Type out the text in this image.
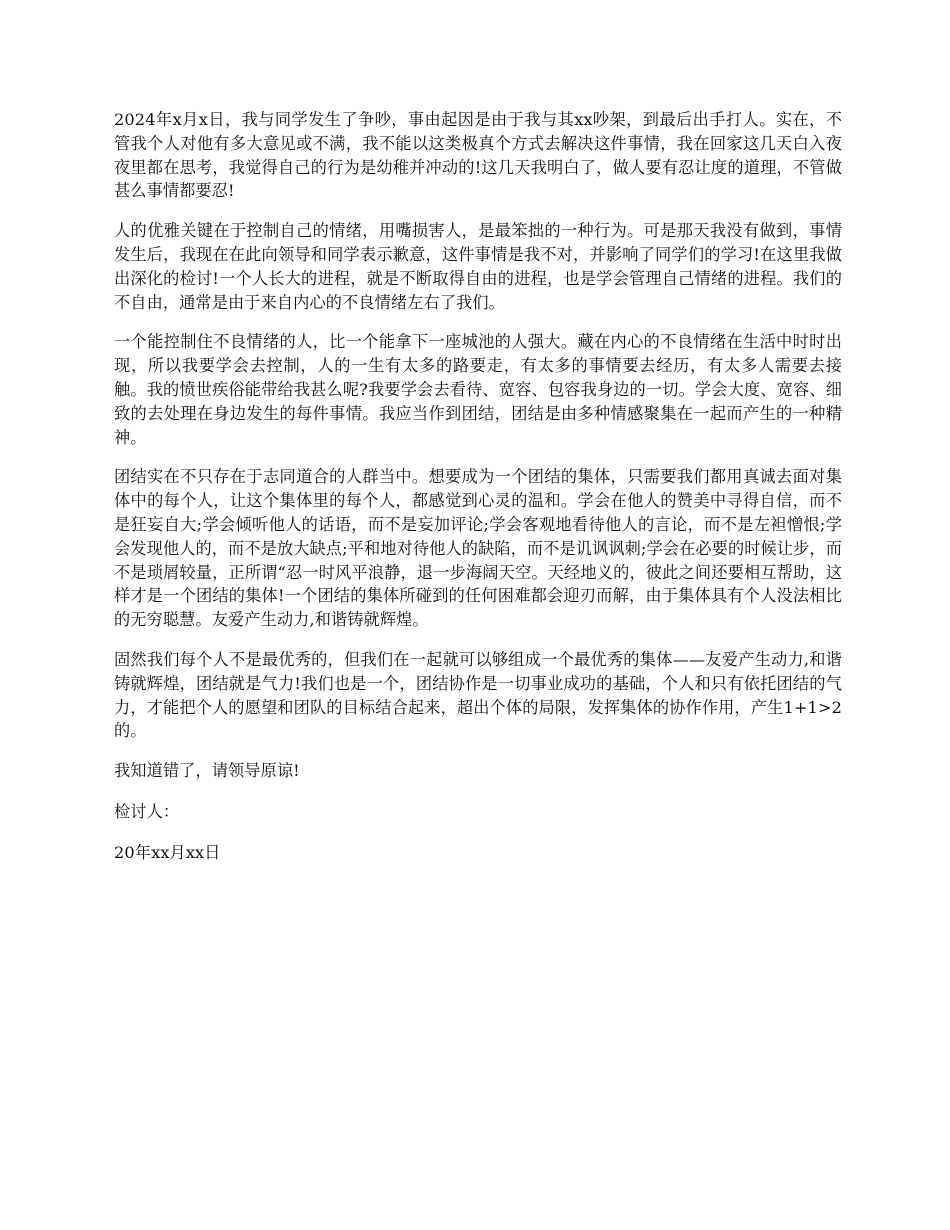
2024年x月x日，我与同学发生了争吵，事由起因是由于我与其xx吵架，到最后出手打人。实在，不管我个人对他有多大意见或不满，我不能以这类极真个方式去解决这件事情，我在回家这几天白入夜夜里都在思考，我觉得自己的行为是幼稚并冲动的!这几天我明白了，做人要有忍让度的道理，不管做甚么事情都要忍!

人的优雅关键在于控制自己的情绪，用嘴损害人，是最笨拙的一种行为。可是那天我没有做到，事情发生后，我现在在此向领导和同学表示歉意，这件事情是我不对，并影响了同学们的学习!在这里我做出深化的检讨!一个人长大的进程，就是不断取得自由的进程，也是学会管理自己情绪的进程。我们的不自由，通常是由于来自内心的不良情绪左右了我们。

一个能控制住不良情绪的人，比一个能拿下一座城池的人强大。藏在内心的不良情绪在生活中时时出现，所以我要学会去控制，人的一生有太多的路要走，有太多的事情要去经历，有太多人需要去接触。我的愤世疾俗能带给我甚么呢?我要学会去看待、宽容、包容我身边的一切。学会大度、宽容、细致的去处理在身边发生的每件事情。我应当作到团结，团结是由多种情感聚集在一起而产生的一种精神。

团结实在不只存在于志同道合的人群当中。想要成为一个团结的集体，只需要我们都用真诚去面对集体中的每个人，让这个集体里的每个人，都感觉到心灵的温和。学会在他人的赞美中寻得自信，而不是狂妄自大;学会倾听他人的话语，而不是妄加评论;学会客观地看待他人的言论，而不是左袒憎恨;学会发现他人的，而不是放大缺点;平和地对待他人的缺陷，而不是讥讽讽刺;学会在必要的时候让步，而不是琐屑较量，正所谓“忍一时风平浪静，退一步海阔天空。天经地义的，彼此之间还要相互帮助，这样才是一个团结的集体!一个团结的集体所碰到的任何困难都会迎刃而解，由于集体具有个人没法相比的无穷聪慧。友爱产生动力,和谐铸就辉煌。

固然我们每个人不是最优秀的，但我们在一起就可以够组成一个最优秀的集体——友爱产生动力,和谐铸就辉煌，团结就是气力!我们也是一个，团结协作是一切事业成功的基础，个人和只有依托团结的气力，才能把个人的愿望和团队的目标结合起来，超出个体的局限，发挥集体的协作作用，产生1+1>2的。

我知道错了，请领导原谅!

检讨人：

20年xx月xx日
